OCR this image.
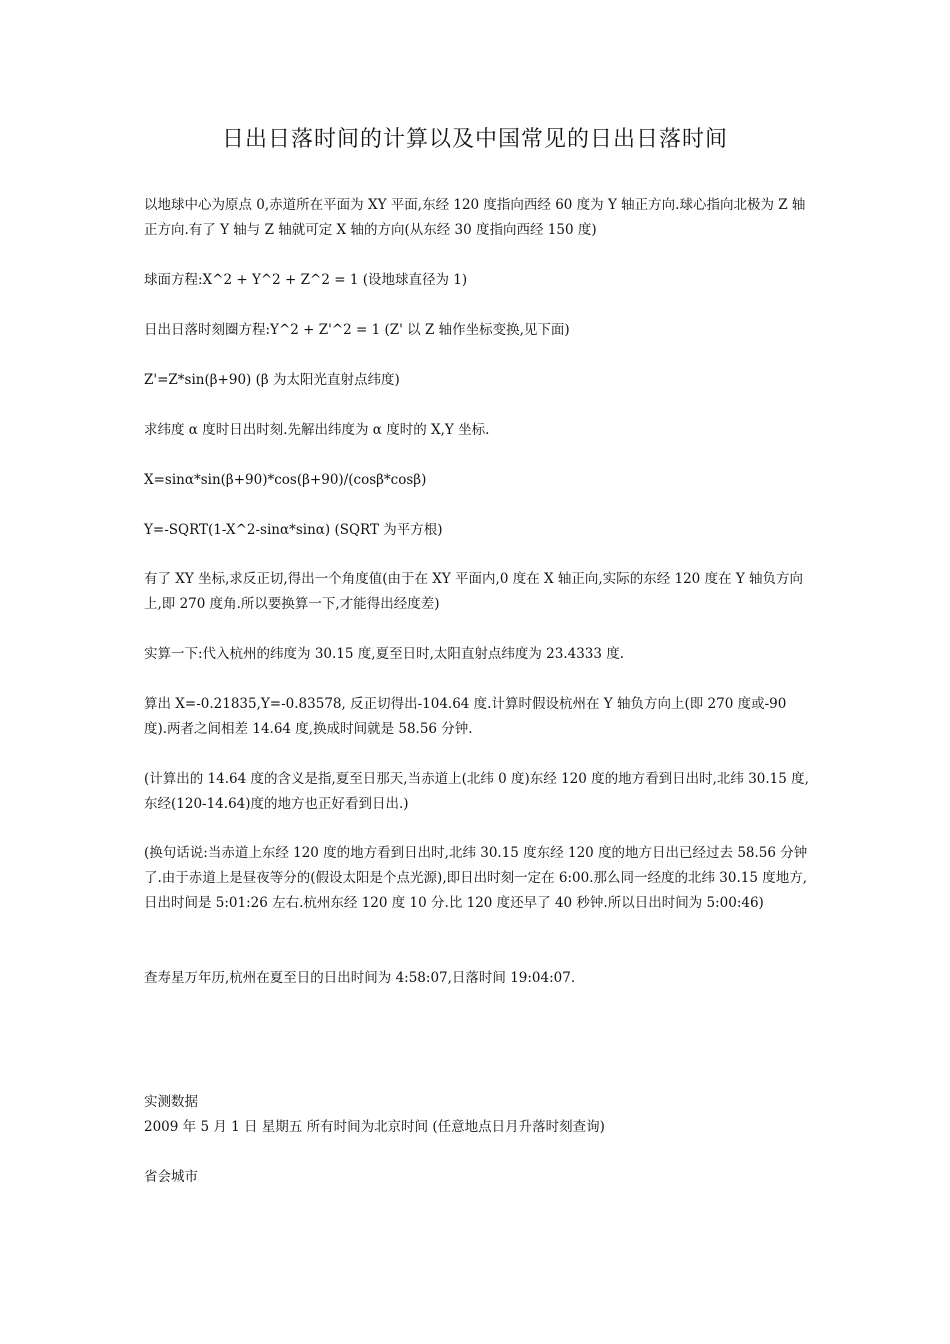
日出日落时间的计算以及中国常见的日出日落时间
以地球中心为原点 0,赤道所在平面为 XY 平面,东经 120 度指向西经 60 度为 Y 轴正方向.球心指向北极为 Z 轴正方向.有了 Y 轴与 Z 轴就可定 X 轴的方向(从东经 30 度指向西经 150 度)
球面方程:X^2 + Y^2 + Z^2 = 1 (设地球直径为 1)
日出日落时刻圈方程:Y^2 + Z'^2 = 1 (Z' 以 Z 轴作坐标变换,见下面)
Z'=Z*sin(β+90) (β 为太阳光直射点纬度)
求纬度 α 度时日出时刻.先解出纬度为 α 度时的 X,Y 坐标.
X=sinα*sin(β+90)*cos(β+90)/(cosβ*cosβ)
Y=-SQRT(1-X^2-sinα*sinα) (SQRT 为平方根)
有了 XY 坐标,求反正切,得出一个角度值(由于在 XY 平面内,0 度在 X 轴正向,实际的东经 120 度在 Y 轴负方向上,即 270 度角.所以要换算一下,才能得出经度差)
实算一下:代入杭州的纬度为 30.15 度,夏至日时,太阳直射点纬度为 23.4333 度.
算出 X=-0.21835,Y=-0.83578, 反正切得出-104.64 度.计算时假设杭州在 Y 轴负方向上(即 270 度或-90 度).两者之间相差 14.64 度,换成时间就是 58.56 分钟.
(计算出的 14.64 度的含义是指,夏至日那天,当赤道上(北纬 0 度)东经 120 度的地方看到日出时,北纬 30.15 度,东经(120-14.64)度的地方也正好看到日出.)
(换句话说:当赤道上东经 120 度的地方看到日出时,北纬 30.15 度东经 120 度的地方日出已经过去 58.56 分钟了.由于赤道上是昼夜等分的(假设太阳是个点光源),即日出时刻一定在 6:00.那么同一经度的北纬 30.15 度地方,日出时间是 5:01:26 左右.杭州东经 120 度 10 分.比 120 度还早了 40 秒钟.所以日出时间为 5:00:46)
查寿星万年历,杭州在夏至日的日出时间为 4:58:07,日落时间 19:04:07.
实测数据
2009 年 5 月 1 日 星期五 所有时间为北京时间 (任意地点日月升落时刻查询)
省会城市
